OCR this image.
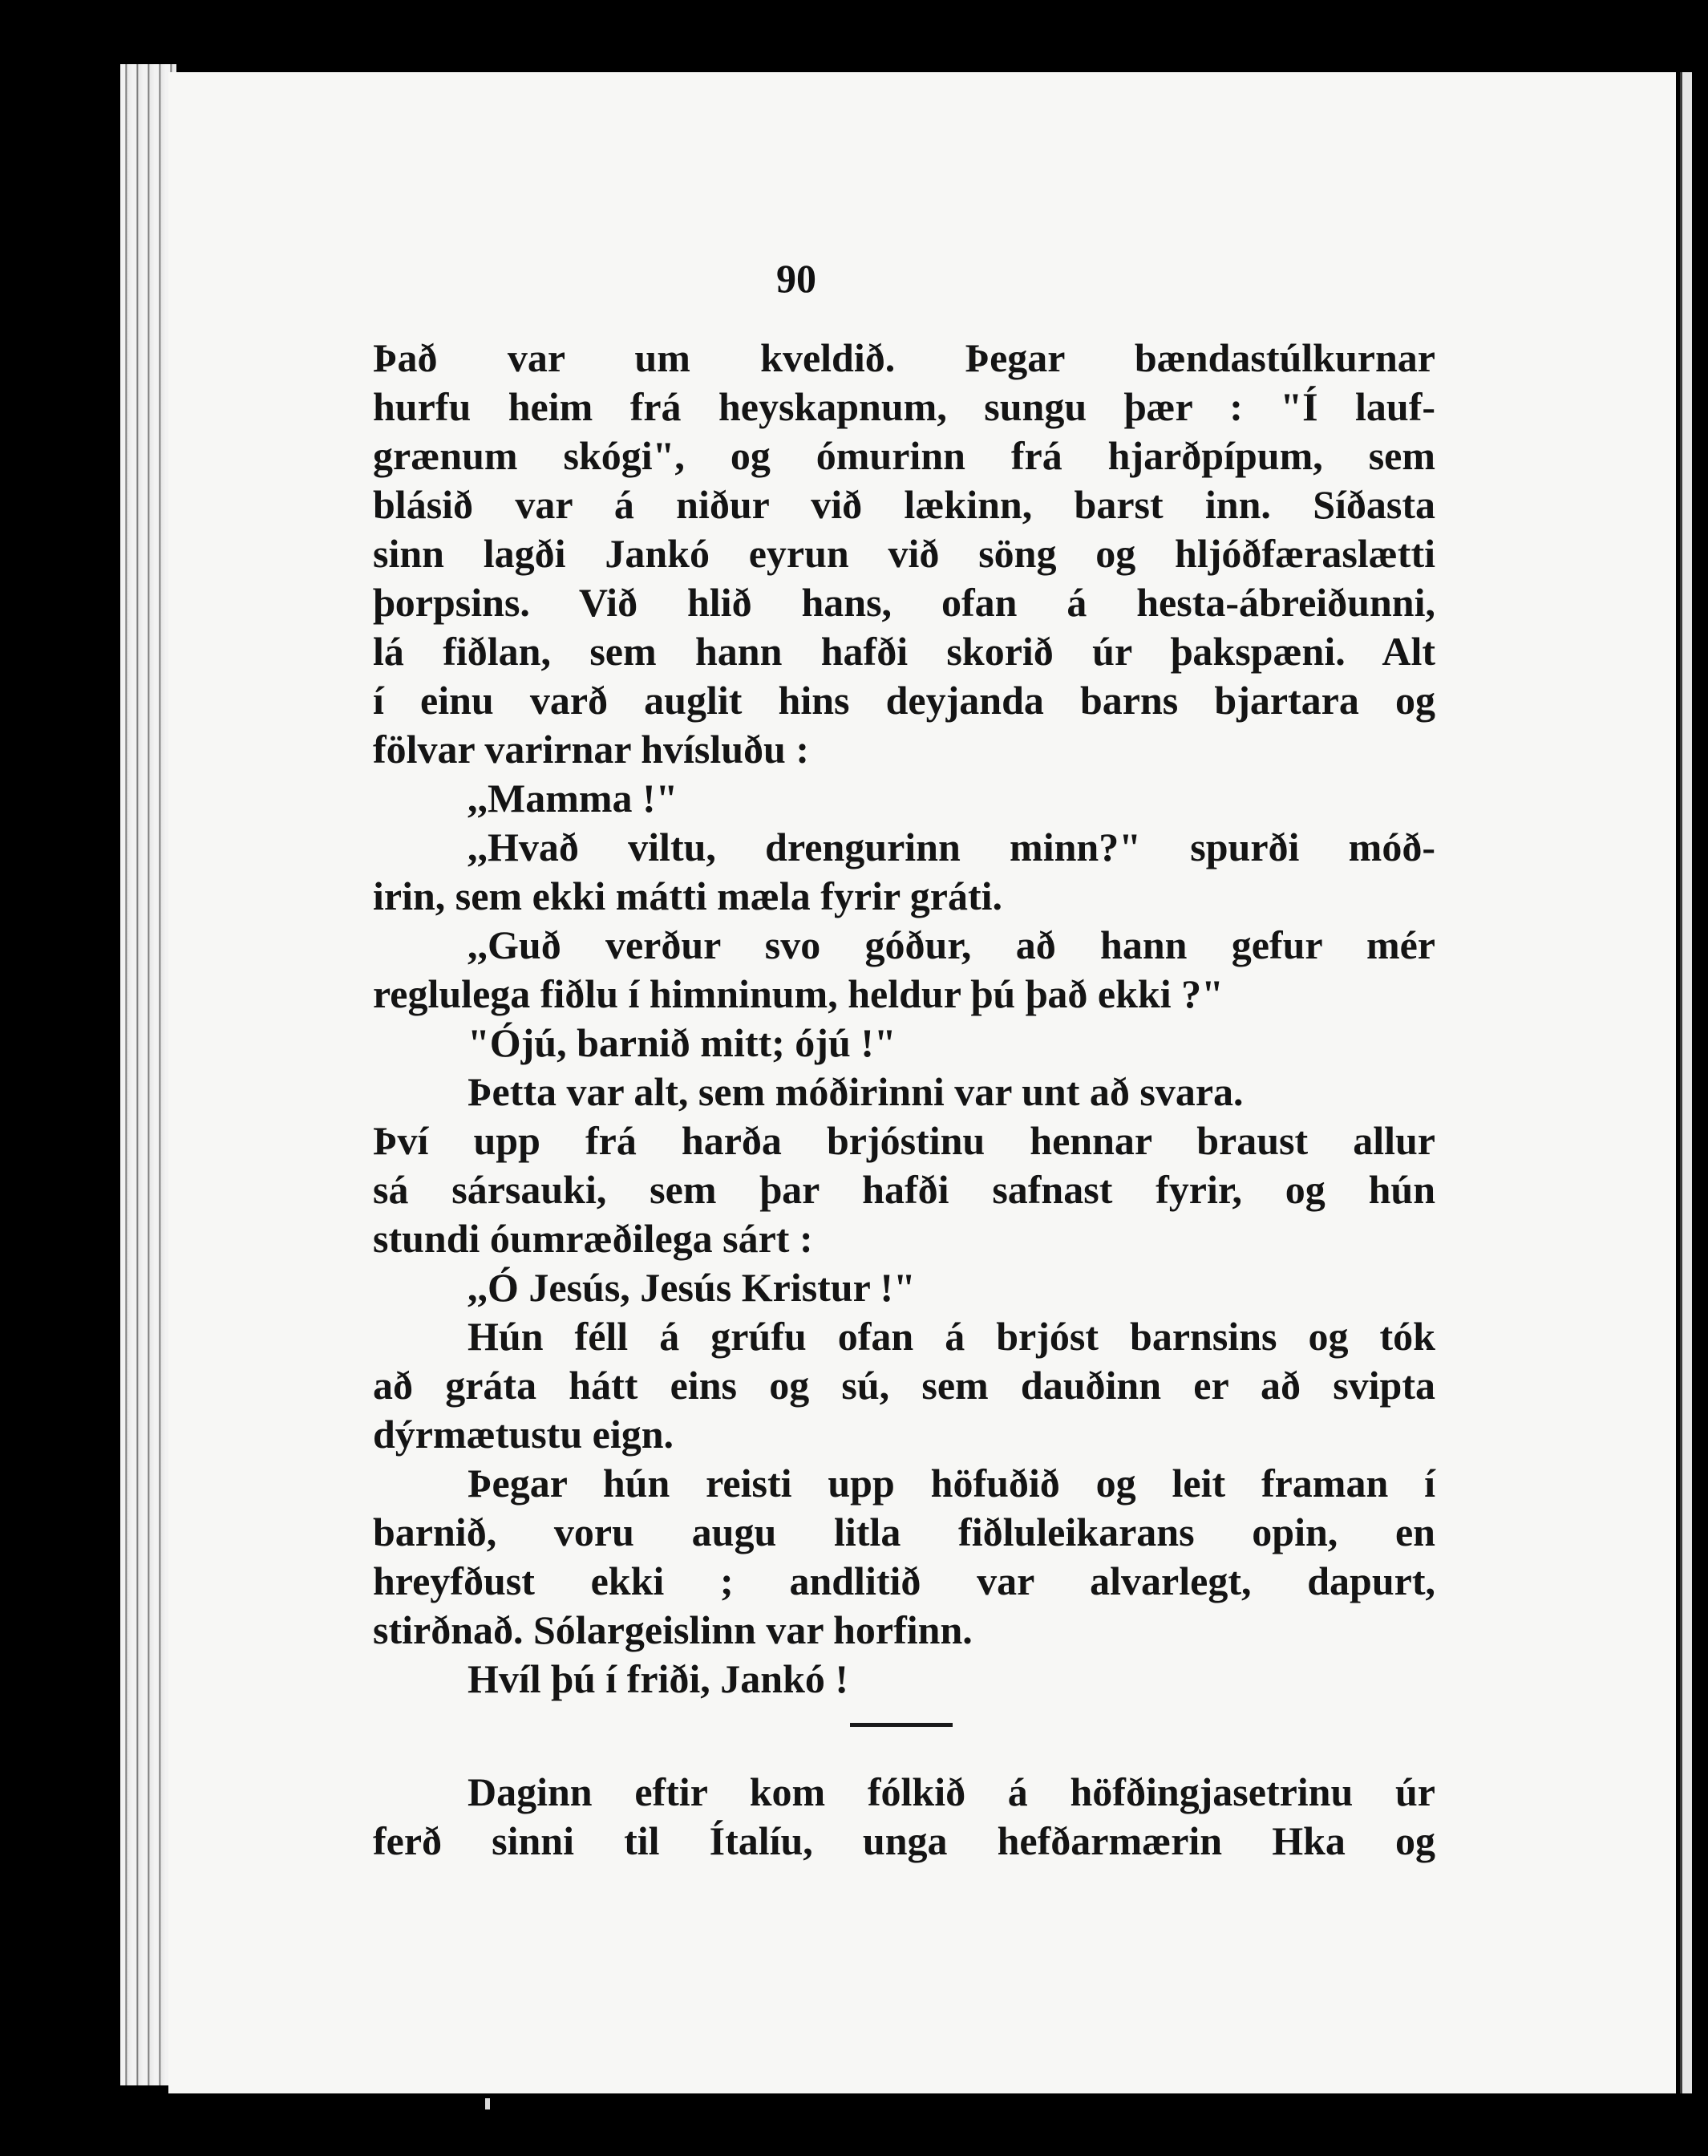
90
Það var um kveldið. Þegar bændastúlkurnar
hurfu heim frá heyskapnum, sungu þær : "Í lauf-
grænum skógi", og ómurinn frá hjarðpípum, sem
blásið var á niður við lækinn, barst inn. Síðasta
sinn lagði Jankó eyrun við söng og hljóðfæraslætti
þorpsins. Við hlið hans, ofan á hesta-ábreiðunni,
lá fiðlan, sem hann hafði skorið úr þakspæni. Alt
í einu varð auglit hins deyjanda barns bjartara og
fölvar varirnar hvísluðu :
,,Mamma !"
,,Hvað viltu, drengurinn minn?" spurði móð-
irin, sem ekki mátti mæla fyrir gráti.
,,Guð verður svo góður, að hann gefur mér
reglulega fiðlu í himninum, heldur þú það ekki ?"
"Ójú, barnið mitt; ójú !"
Þetta var alt, sem móðirinni var unt að svara.
Því upp frá harða brjóstinu hennar braust allur
sá sársauki, sem þar hafði safnast fyrir, og hún
stundi óumræðilega sárt :
,,Ó Jesús, Jesús Kristur !"
Hún féll á grúfu ofan á brjóst barnsins og tók
að gráta hátt eins og sú, sem dauðinn er að svipta
dýrmætustu eign.
Þegar hún reisti upp höfuðið og leit framan í
barnið, voru augu litla fiðluleikarans opin, en
hreyfðust ekki ; andlitið var alvarlegt, dapurt,
stirðnað. Sólargeislinn var horfinn.
Hvíl þú í friði, Jankó !
Daginn eftir kom fólkið á höfðingjasetrinu úr
ferð sinni til Ítalíu, unga hefðarmærin Hka og
